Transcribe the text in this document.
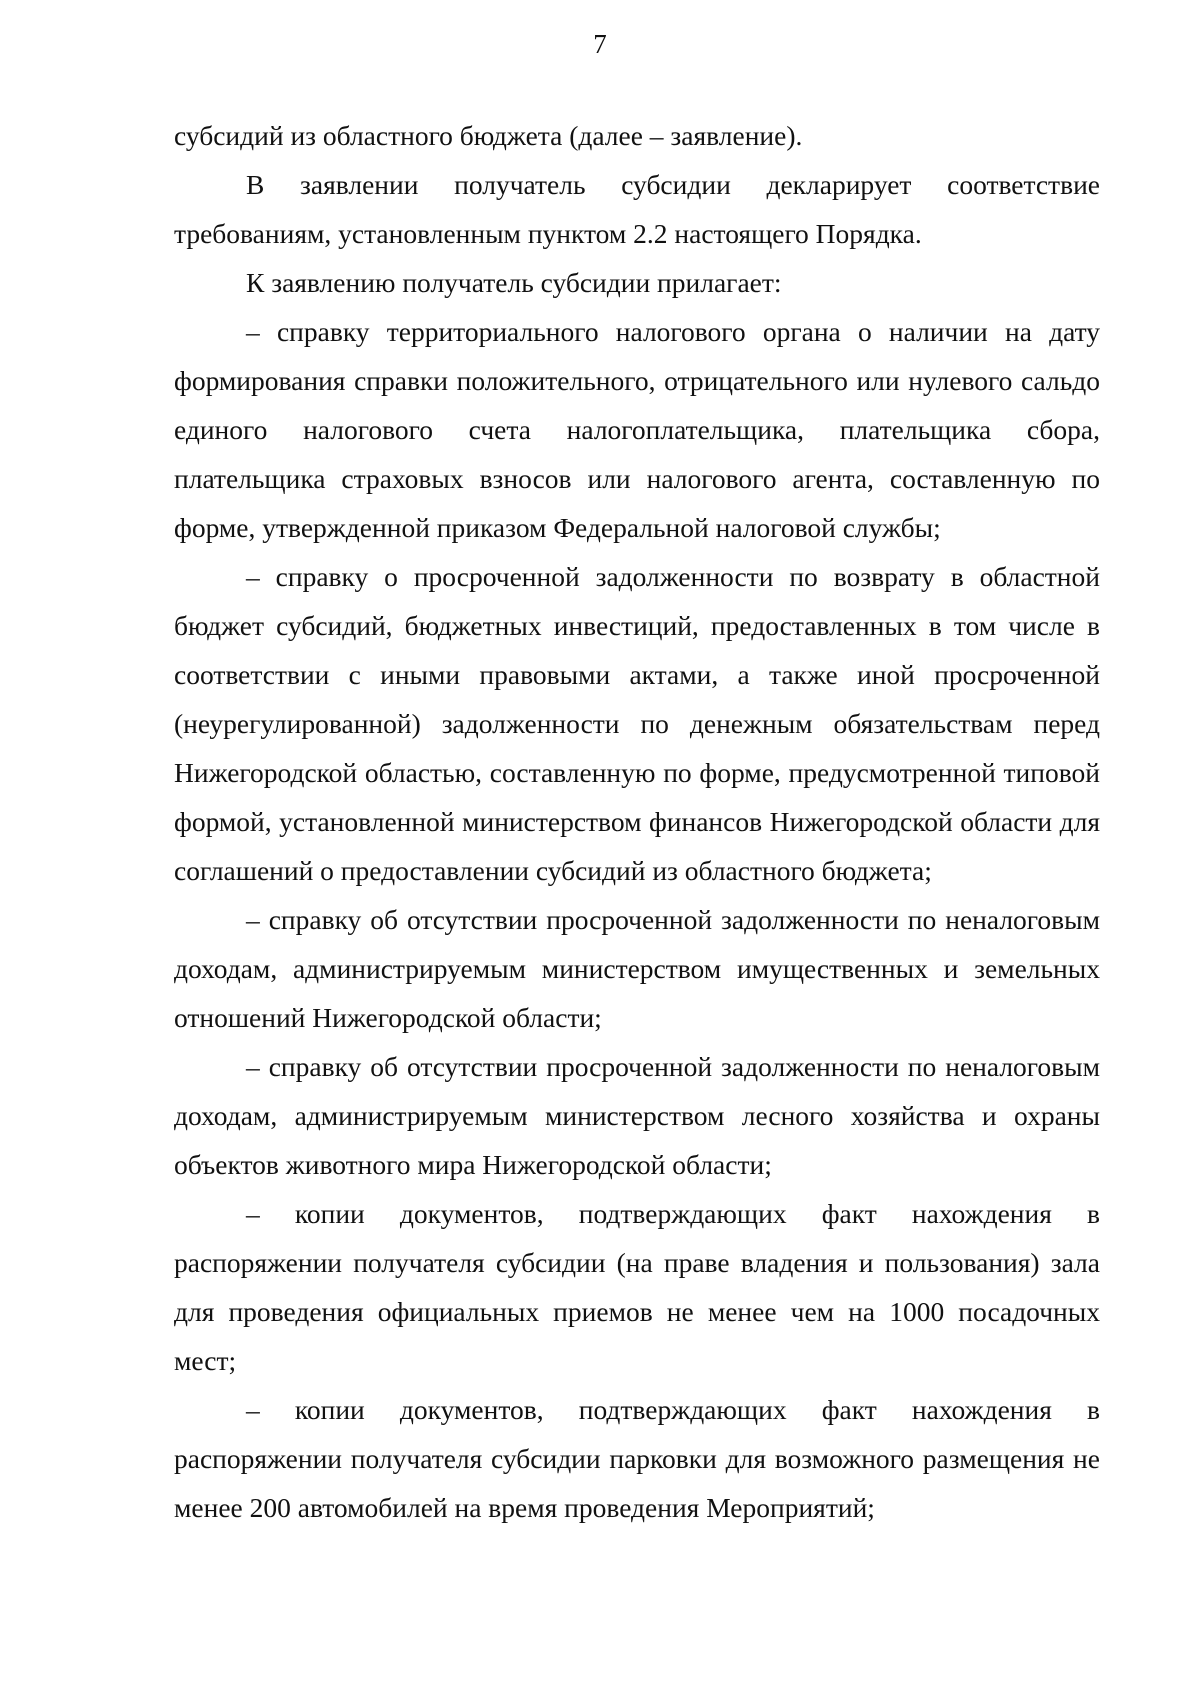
7

субсидий из областного бюджета (далее – заявление).

В заявлении получатель субсидии декларирует соответствие требованиям, установленным пунктом 2.2 настоящего Порядка.

К заявлению получатель субсидии прилагает:

– справку территориального налогового органа о наличии на дату формирования справки положительного, отрицательного или нулевого сальдо единого налогового счета налогоплательщика, плательщика сбора, плательщика страховых взносов или налогового агента, составленную по форме, утвержденной приказом Федеральной налоговой службы;

– справку о просроченной задолженности по возврату в областной бюджет субсидий, бюджетных инвестиций, предоставленных в том числе в соответствии с иными правовыми актами, а также иной просроченной (неурегулированной) задолженности по денежным обязательствам перед Нижегородской областью, составленную по форме, предусмотренной типовой формой, установленной министерством финансов Нижегородской области для соглашений о предоставлении субсидий из областного бюджета;

– справку об отсутствии просроченной задолженности по неналоговым доходам, администрируемым министерством имущественных и земельных отношений Нижегородской области;

– справку об отсутствии просроченной задолженности по неналоговым доходам, администрируемым министерством лесного хозяйства и охраны объектов животного мира Нижегородской области;

– копии документов, подтверждающих факт нахождения в распоряжении получателя субсидии (на праве владения и пользования) зала для проведения официальных приемов не менее чем на 1000 посадочных мест;

– копии документов, подтверждающих факт нахождения в распоряжении получателя субсидии парковки для возможного размещения не менее 200 автомобилей на время проведения Мероприятий;
